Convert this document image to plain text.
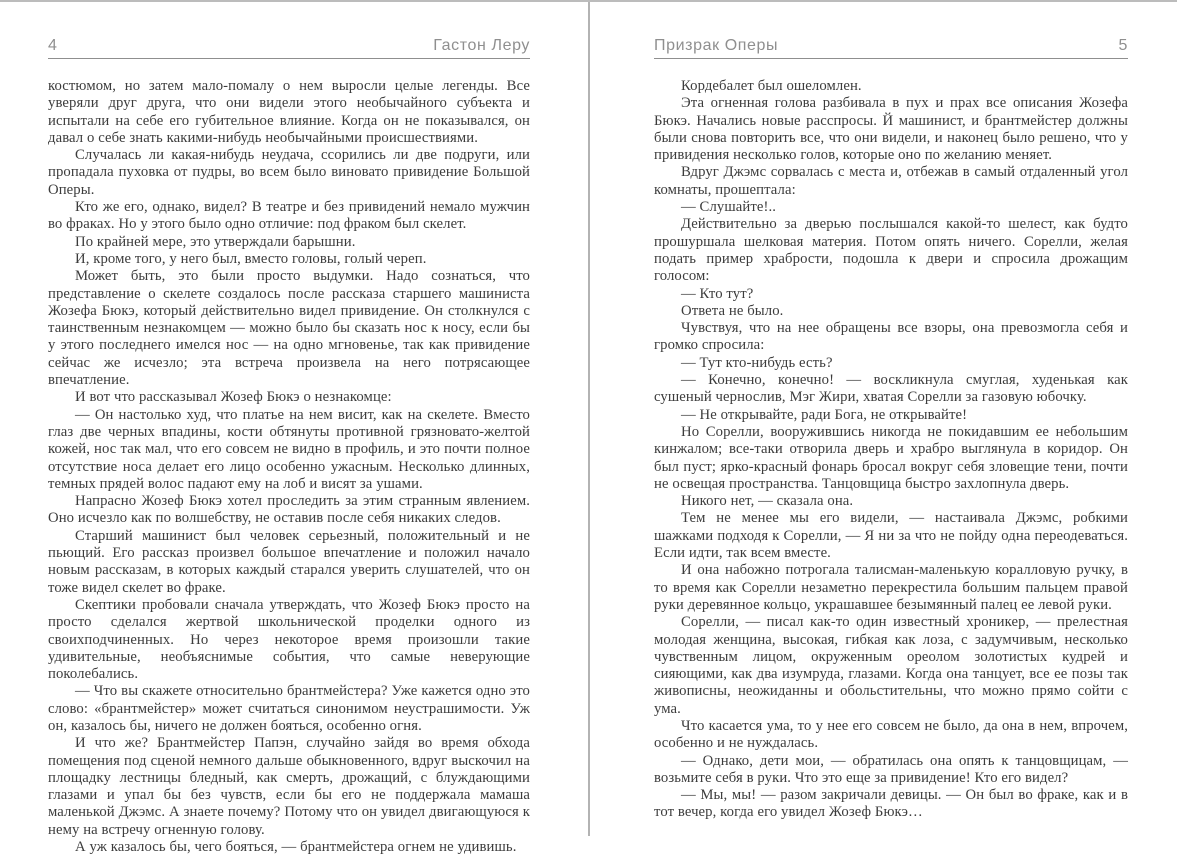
4	Гастон Леру

костюмом, но затем мало-помалу о нем выросли целые легенды. Все уверяли друг друга, что они видели этого необычайного субъекта и испытали на себе его губительное влияние. Когда он не показывался, он давал о себе знать какими-нибудь необычайными происшествиями.

Случалась ли какая-нибудь неудача, ссорились ли две подруги, или пропадала пуховка от пудры, во всем было виновато привидение Большой Оперы.

Кто же его, однако, видел? В театре и без привидений немало мужчин во фраках. Но у этого было одно отличие: под фраком был скелет.

По крайней мере, это утверждали барышни.

И, кроме того, у него был, вместо головы, голый череп.

Может быть, это были просто выдумки. Надо сознаться, что представление о скелете создалось после рассказа старшего машиниста Жозефа Бюкэ, который действительно видел привидение. Он столкнулся с таинственным незнакомцем — можно было бы сказать нос к носу, если бы у этого последнего имелся нос — на одно мгновенье, так как привидение сейчас же исчезло; эта встреча произвела на него потрясающее впечатление.

И вот что рассказывал Жозеф Бюкэ о незнакомце:

— Он настолько худ, что платье на нем висит, как на скелете. Вместо глаз две черных впадины, кости обтянуты противной грязновато-желтой кожей, нос так мал, что его совсем не видно в профиль, и это почти полное отсутствие носа делает его лицо особенно ужасным. Несколько длинных, темных прядей волос падают ему на лоб и висят за ушами.

Напрасно Жозеф Бюкэ хотел проследить за этим странным явлением. Оно исчезло как по волшебству, не оставив после себя никаких следов.

Старший машинист был человек серьезный, положительный и не пьющий. Его рассказ произвел большое впечатление и положил начало новым рассказам, в которых каждый старался уверить слушателей, что он тоже видел скелет во фраке.

Скептики пробовали сначала утверждать, что Жозеф Бюкэ просто на просто сделался жертвой школьнической проделки одного из своихподчиненных. Но через некоторое время произошли такие удивительные, необъяснимые события, что самые неверующие поколебались.

— Что вы скажете относительно брантмейстера? Уже кажется одно это слово: «брантмейстер» может считаться синонимом неустрашимости. Уж он, казалось бы, ничего не должен бояться, особенно огня.

И что же? Брантмейстер Папэн, случайно зайдя во время обхода помещения под сценой немного дальше обыкновенного, вдруг выскочил на площадку лестницы бледный, как смерть, дрожащий, с блуждающими глазами и упал бы без чувств, если бы его не поддержала мамаша маленькой Джэмс. А знаете почему? Потому что он увидел двигающуюся к нему на встречу огненную голову.

А уж казалось бы, чего бояться, — брантмейстера огнем не удивишь.

Призрак Оперы	5

Кордебалет был ошеломлен.

Эта огненная голова разбивала в пух и прах все описания Жозефа Бюкэ. Начались новые расспросы. Й машинист, и брантмейстер должны были снова повторить все, что они видели, и наконец было решено, что у привидения несколько голов, которые оно по желанию меняет.

Вдруг Джэмс сорвалась с места и, отбежав в самый отдаленный угол комнаты, прошептала:

— Слушайте!..

Действительно за дверью послышался какой-то шелест, как будто прошуршала шелковая материя. Потом опять ничего. Сорелли, желая подать пример храбрости, подошла к двери и спросила дрожащим голосом:

— Кто тут?

Ответа не было.

Чувствуя, что на нее обращены все взоры, она превозмогла себя и громко спросила:

— Тут кто-нибудь есть?

— Конечно, конечно! — воскликнула смуглая, худенькая как сушеный чернослив, Мэг Жири, хватая Сорелли за газовую юбочку.

— Не открывайте, ради Бога, не открывайте!

Но Сорелли, вооружившись никогда не покидавшим ее небольшим кинжалом; все-таки отворила дверь и храбро выглянула в коридор. Он был пуст; ярко-красный фонарь бросал вокруг себя зловещие тени, почти не освещая пространства. Танцовщица быстро захлопнула дверь.

Никого нет, — сказала она.

Тем не менее мы его видели, — настаивала Джэмс, робкими шажками подходя к Сорелли, — Я ни за что не пойду одна переодеваться. Если идти, так всем вместе.

И она набожно потрогала талисман-маленькую коралловую ручку, в то время как Сорелли незаметно перекрестила большим пальцем правой руки деревянное кольцо, украшавшее безымянный палец ее левой руки.

Сорелли, — писал как-то один известный хроникер, — прелестная молодая женщина, высокая, гибкая как лоза, с задумчивым, несколько чувственным лицом, окруженным ореолом золотистых кудрей и сияющими, как два изумруда, глазами. Когда она танцует, все ее позы так живописны, неожиданны и обольстительны, что можно прямо сойти с ума.

Что касается ума, то у нее его совсем не было, да она в нем, впрочем, особенно и не нуждалась.

— Однако, дети мои, — обратилась она опять к танцовщицам, — возьмите себя в руки. Что это еще за привидение! Кто его видел?

— Мы, мы! — разом закричали девицы. — Он был во фраке, как и в тот вечер, когда его увидел Жозеф Бюкэ…
